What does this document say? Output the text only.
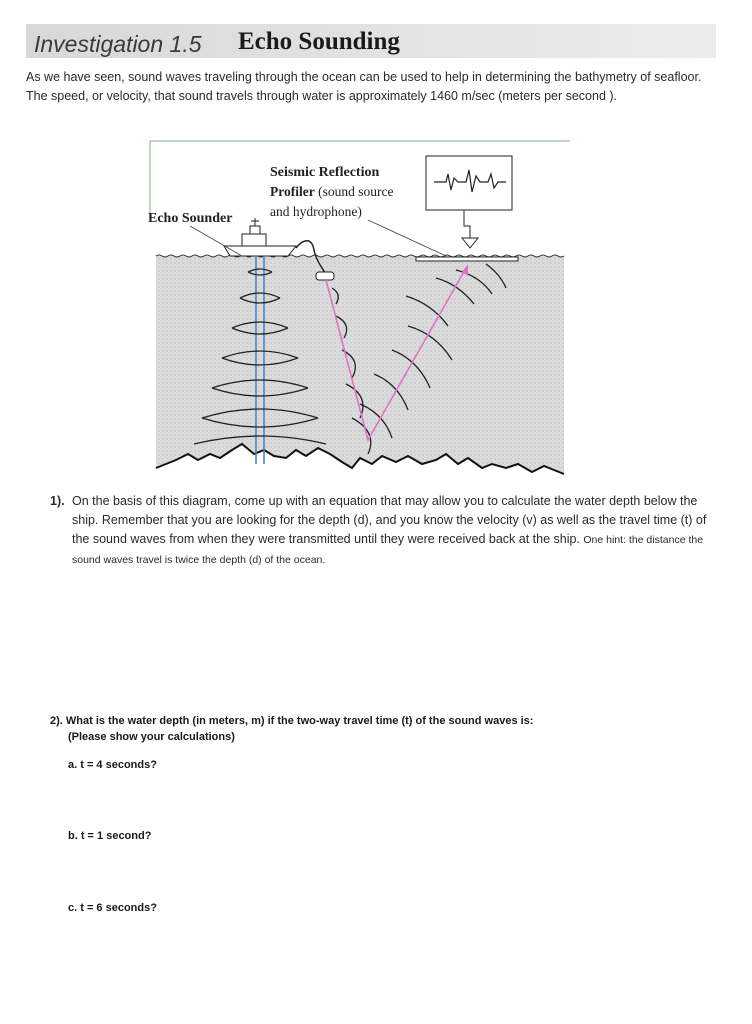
Investigation 1.5 Echo Sounding
As we have seen, sound waves traveling through the ocean can be used to help in determining the bathymetry of seafloor. The speed, or velocity, that sound travels through water is approximately 1460 m/sec (meters per second ).
Echo Sounder
Seismic Reflection
Profiler (sound source
and hydrophone)
1). On the basis of this diagram, come up with an equation that may allow you to calculate the water depth below the ship. Remember that you are looking for the depth (d), and you know the velocity (v) as well as the travel time (t) of the sound waves from when they were transmitted until they were received back at the ship. One hint: the distance the sound waves travel is twice the depth (d) of the ocean.
2). What is the water depth (in meters, m) if the two-way travel time (t) of the sound waves is:
(Please show your calculations)
a. t = 4 seconds?
b. t = 1 second?
c. t = 6 seconds?
